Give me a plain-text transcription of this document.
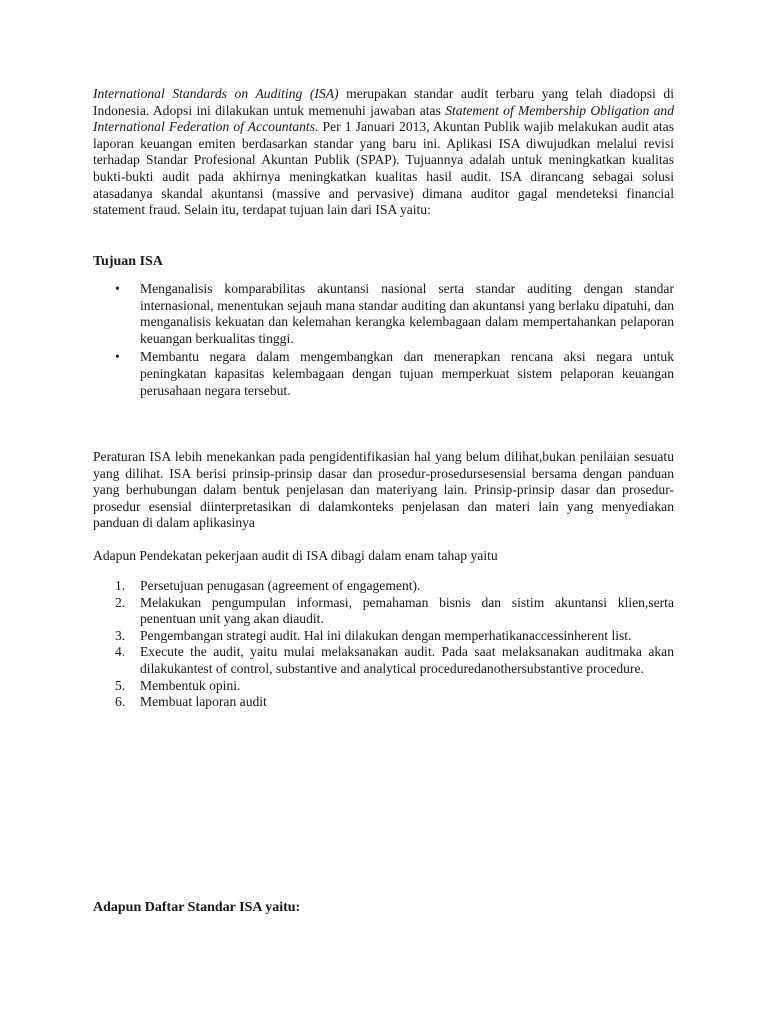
International Standards on Auditing (ISA) merupakan standar audit terbaru yang telah diadopsi di Indonesia. Adopsi ini dilakukan untuk memenuhi jawaban atas Statement of Membership Obligation and International Federation of Accountants. Per 1 Januari 2013, Akuntan Publik wajib melakukan audit atas laporan keuangan emiten berdasarkan standar yang baru ini. Aplikasi ISA diwujudkan melalui revisi terhadap Standar Profesional Akuntan Publik (SPAP). Tujuannya adalah untuk meningkatkan kualitas bukti-bukti audit pada akhirnya meningkatkan kualitas hasil audit. ISA dirancang sebagai solusi atasadanya skandal akuntansi (massive and pervasive) dimana auditor gagal mendeteksi financial statement fraud. Selain itu, terdapat tujuan lain dari ISA yaitu:

Tujuan ISA

• Menganalisis komparabilitas akuntansi nasional serta standar auditing dengan standar internasional, menentukan sejauh mana standar auditing dan akuntansi yang berlaku dipatuhi, dan menganalisis kekuatan dan kelemahan kerangka kelembagaan dalam mempertahankan pelaporan keuangan berkualitas tinggi.
• Membantu negara dalam mengembangkan dan menerapkan rencana aksi negara untuk peningkatan kapasitas kelembagaan dengan tujuan memperkuat sistem pelaporan keuangan perusahaan negara tersebut.

Peraturan ISA lebih menekankan pada pengidentifikasian hal yang belum dilihat,bukan penilaian sesuatu yang dilihat. ISA berisi prinsip-prinsip dasar dan prosedur-prosedursesensial bersama dengan panduan yang berhubungan dalam bentuk penjelasan dan materiyang lain. Prinsip-prinsip dasar dan prosedur-prosedur esensial diinterpretasikan di dalamkonteks penjelasan dan materi lain yang menyediakan panduan di dalam aplikasinya

Adapun Pendekatan pekerjaan audit di ISA dibagi dalam enam tahap yaitu

1. Persetujuan penugasan (agreement of engagement).
2. Melakukan pengumpulan informasi, pemahaman bisnis dan sistim akuntansi klien,serta penentuan unit yang akan diaudit.
3. Pengembangan strategi audit. Hal ini dilakukan dengan memperhatikanaccessinherent list.
4. Execute the audit, yaitu mulai melaksanakan audit. Pada saat melaksanakan auditmaka akan dilakukantest of control, substantive and analytical proceduredanothersubstantive procedure.
5. Membentuk opini.
6. Membuat laporan audit

Adapun Daftar Standar ISA yaitu:
